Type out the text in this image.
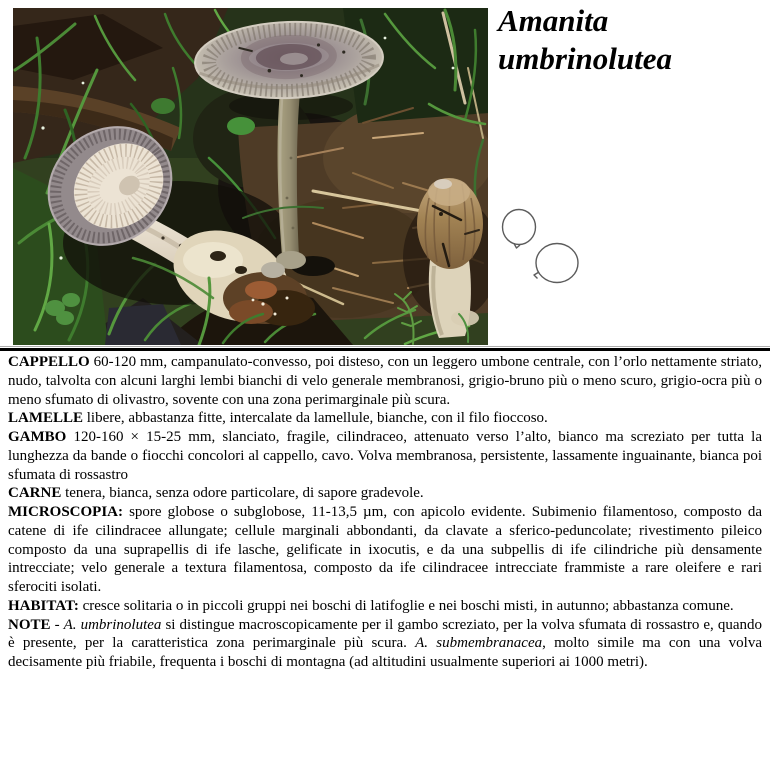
Amanita
umbrinolutea

CAPPELLO 60-120 mm, campanulato-convesso, poi disteso, con un leggero umbone centrale, con l’orlo nettamente striato, nudo, talvolta con alcuni larghi lembi bianchi di velo generale membranosi, grigio-bruno più o meno scuro, grigio-ocra più o meno sfumato di olivastro, sovente con una zona perimarginale più scura.

LAMELLE libere, abbastanza fitte, intercalate da lamellule, bianche, con il filo fioccoso.

GAMBO 120-160 × 15-25 mm, slanciato, fragile, cilindraceo, attenuato verso l’alto, bianco ma screziato per tutta la lunghezza da bande o fiocchi concolori al cappello, cavo. Volva membranosa, persistente, lassamente inguainante, bianca poi sfumata di rossastro

CARNE tenera, bianca, senza odore particolare, di sapore gradevole.

MICROSCOPIA: spore globose o subglobose, 11-13,5 µm, con apicolo evidente. Subimenio filamentoso, composto da catene di ife cilindracee allungate; cellule marginali abbondanti, da clavate a sferico-peduncolate; rivestimento pileico composto da una suprapellis di ife lasche, gelificate in ixocutis, e da una subpellis di ife cilindriche più densamente intrecciate; velo generale a textura filamentosa, composto da ife cilindracee intrecciate frammiste a rare oleifere e rari sferociti isolati.

HABITAT: cresce solitaria o in piccoli gruppi nei boschi di latifoglie e nei boschi misti, in autunno; abbastanza comune.

NOTE - A. umbrinolutea si distingue macroscopicamente per il gambo screziato, per la volva sfumata di rossastro e, quando è presente, per la caratteristica zona perimarginale più scura. A. submembranacea, molto simile ma con una volva decisamente più friabile, frequenta i boschi di montagna (ad altitudini usualmente superiori ai 1000 metri).
